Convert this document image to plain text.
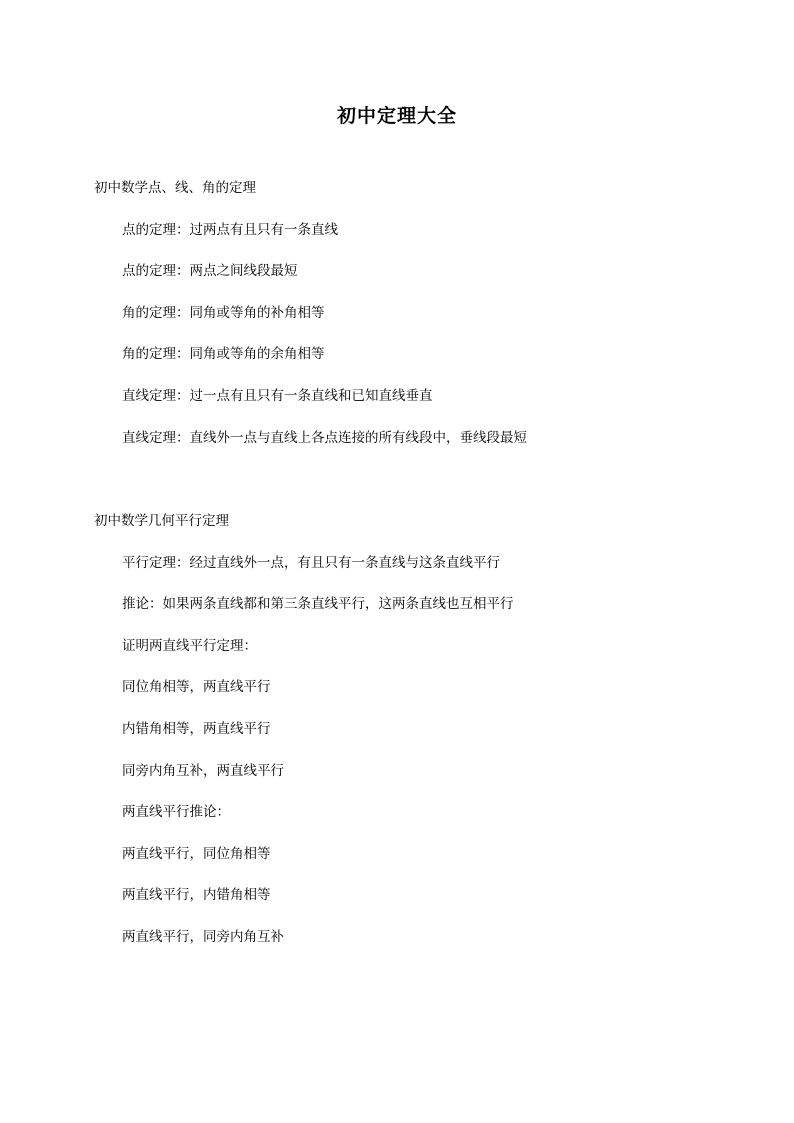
初中定理大全
初中数学点、线、角的定理
点的定理：过两点有且只有一条直线
点的定理：两点之间线段最短
角的定理：同角或等角的补角相等
角的定理：同角或等角的余角相等
直线定理：过一点有且只有一条直线和已知直线垂直
直线定理：直线外一点与直线上各点连接的所有线段中，垂线段最短
初中数学几何平行定理
平行定理：经过直线外一点，有且只有一条直线与这条直线平行
推论：如果两条直线都和第三条直线平行，这两条直线也互相平行
证明两直线平行定理：
同位角相等，两直线平行
内错角相等，两直线平行
同旁内角互补，两直线平行
两直线平行推论：
两直线平行，同位角相等
两直线平行，内错角相等
两直线平行，同旁内角互补
